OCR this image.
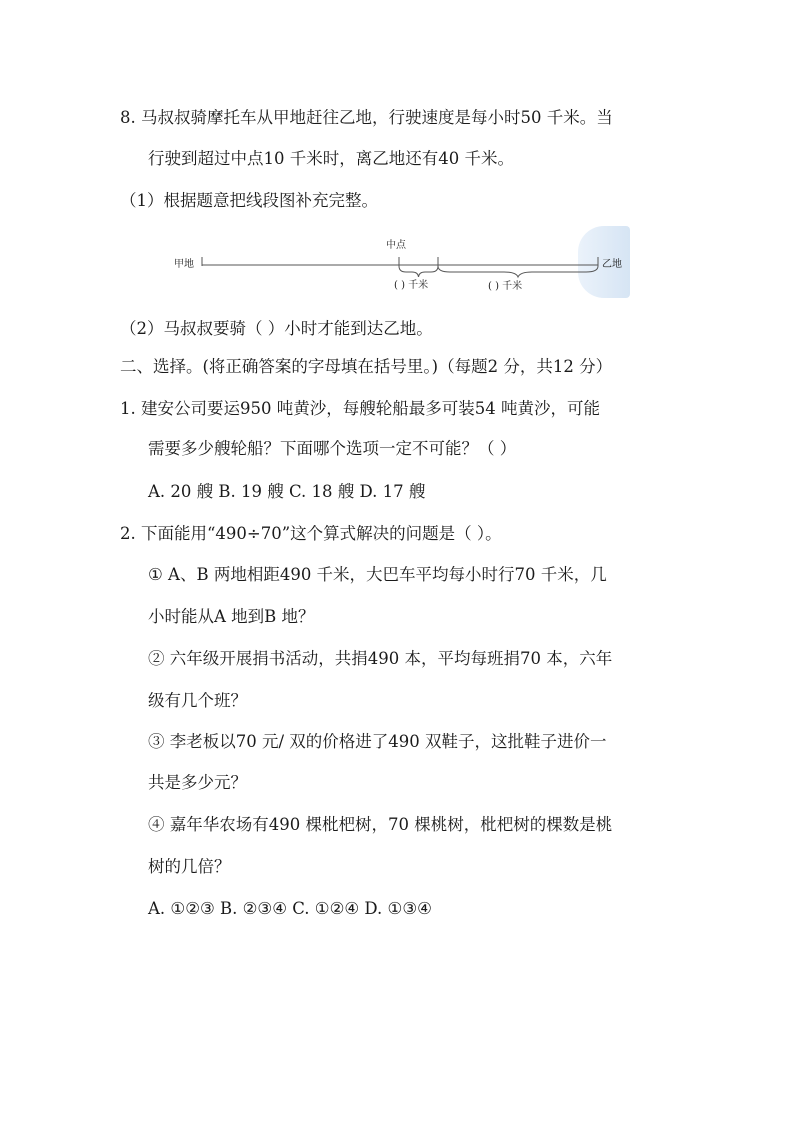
8. 马叔叔骑摩托车从甲地赶往乙地，行驶速度是每小时50 千米。当
行驶到超过中点10 千米时，离乙地还有40 千米。
（1）根据题意把线段图补充完整。
甲地	乙地
中点
( ) 千米	( ) 千米
（2）马叔叔要骑（ ）小时才能到达乙地。
二、选择。(将正确答案的字母填在括号里。)（每题2 分，共12 分）
1. 建安公司要运950 吨黄沙，每艘轮船最多可装54 吨黄沙，可能
需要多少艘轮船？下面哪个选项一定不可能？（ ）
A. 20 艘 B. 19 艘 C. 18 艘 D. 17 艘
2. 下面能用“490÷70”这个算式解决的问题是（ ）。
① A、B 两地相距490 千米，大巴车平均每小时行70 千米，几
小时能从A 地到B 地？
② 六年级开展捐书活动，共捐490 本，平均每班捐70 本，六年
级有几个班？
③ 李老板以70 元/ 双的价格进了490 双鞋子，这批鞋子进价一
共是多少元？
④ 嘉年华农场有490 棵枇杷树，70 棵桃树，枇杷树的棵数是桃
树的几倍？
A. ①②③ B. ②③④ C. ①②④ D. ①③④
